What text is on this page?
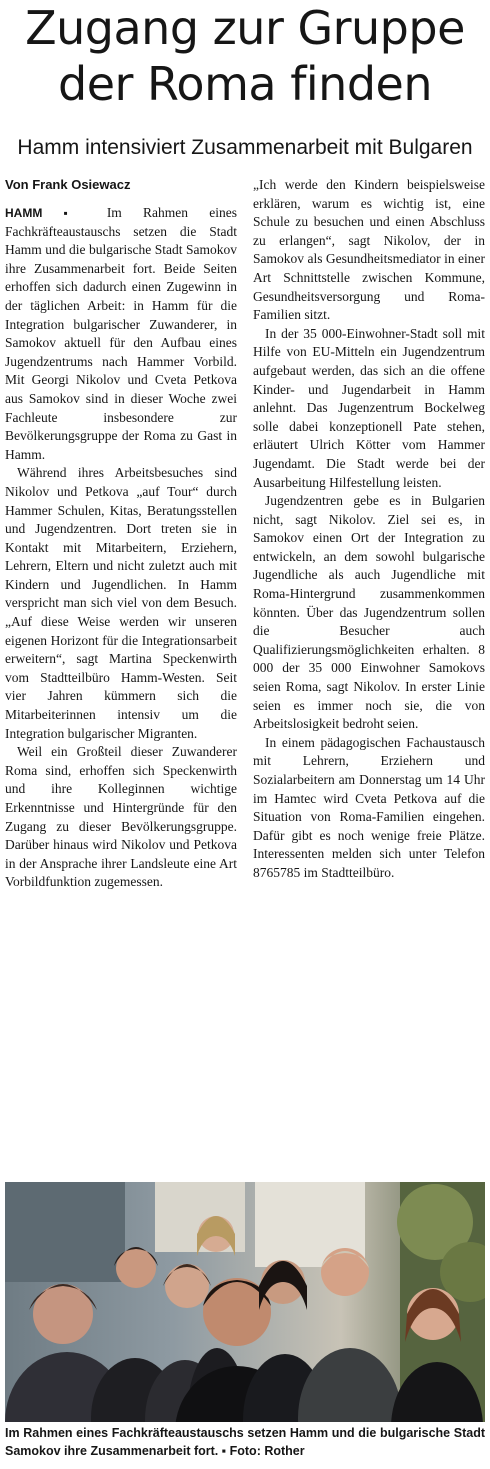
Zugang zur Gruppe
der Roma finden
Hamm intensiviert Zusammenarbeit mit Bulgaren
Von Frank Osiewacz

HAMM ▪ Im Rahmen eines Fachkräfteaustauschs setzen die Stadt Hamm und die bulgarische Stadt Samokov ihre Zusammenarbeit fort. Beide Seiten erhoffen sich dadurch einen Zugewinn in der täglichen Arbeit: in Hamm für die Integration bulgarischer Zuwanderer, in Samokov aktuell für den Aufbau eines Jugendzentrums nach Hammer Vorbild. Mit Georgi Nikolov und Cveta Petkova aus Samokov sind in dieser Woche zwei Fachleute insbesondere zur Bevölkerungsgruppe der Roma zu Gast in Hamm.

Während ihres Arbeitsbesuches sind Nikolov und Petkova „auf Tour“ durch Hammer Schulen, Kitas, Beratungsstellen und Jugendzentren. Dort treten sie in Kontakt mit Mitarbeitern, Erziehern, Lehrern, Eltern und nicht zuletzt auch mit Kindern und Jugendlichen. In Hamm verspricht man sich viel von dem Besuch. „Auf diese Weise werden wir unseren eigenen Horizont für die Integrationsarbeit erweitern“, sagt Martina Speckenwirth vom Stadtteilbüro Hamm-Westen. Seit vier Jahren kümmern sich die Mitarbeiterinnen intensiv um die Integration bulgarischer Migranten.

Weil ein Großteil dieser Zuwanderer Roma sind, erhoffen sich Speckenwirth und ihre Kolleginnen wichtige Erkenntnisse und Hintergründe für den Zugang zu dieser Bevölkerungsgruppe. Darüber hinaus wird Nikolov und Petkova in der Ansprache ihrer Landsleute eine Art Vorbildfunktion zugemessen.

„Ich werde den Kindern beispielsweise erklären, warum es wichtig ist, eine Schule zu besuchen und einen Abschluss zu erlangen“, sagt Nikolov, der in Samokov als Gesundheitsmediator in einer Art Schnittstelle zwischen Kommune, Gesundheitsversorgung und Roma-Familien sitzt.

In der 35 000-Einwohner-Stadt soll mit Hilfe von EU-Mitteln ein Jugendzentrum aufgebaut werden, das sich an die offene Kinder- und Jugendarbeit in Hamm anlehnt. Das Jugenzentrum Bockelweg solle dabei konzeptionell Pate stehen, erläutert Ulrich Kötter vom Hammer Jugendamt. Die Stadt werde bei der Ausarbeitung Hilfestellung leisten.

Jugendzentren gebe es in Bulgarien nicht, sagt Nikolov. Ziel sei es, in Samokov einen Ort der Integration zu entwickeln, an dem sowohl bulgarische Jugendliche als auch Jugendliche mit Roma-Hintergrund zusammenkommen könnten. Über das Jugendzentrum sollen die Besucher auch Qualifizierungsmöglichkeiten erhalten. 8 000 der 35 000 Einwohner Samokovs seien Roma, sagt Nikolov. In erster Linie seien es immer noch sie, die von Arbeitslosigkeit bedroht seien.

In einem pädagogischen Fachaustausch mit Lehrern, Erziehern und Sozialarbeitern am Donnerstag um 14 Uhr im Hamtec wird Cveta Petkova auf die Situation von Roma-Familien eingehen. Dafür gibt es noch wenige freie Plätze. Interessenten melden sich unter Telefon 8765785 im Stadtteilbüro.

Im Rahmen eines Fachkräfteaustauschs setzen Hamm und die bulgarische Stadt Samokov ihre Zusammenarbeit fort. ▪ Foto: Rother
